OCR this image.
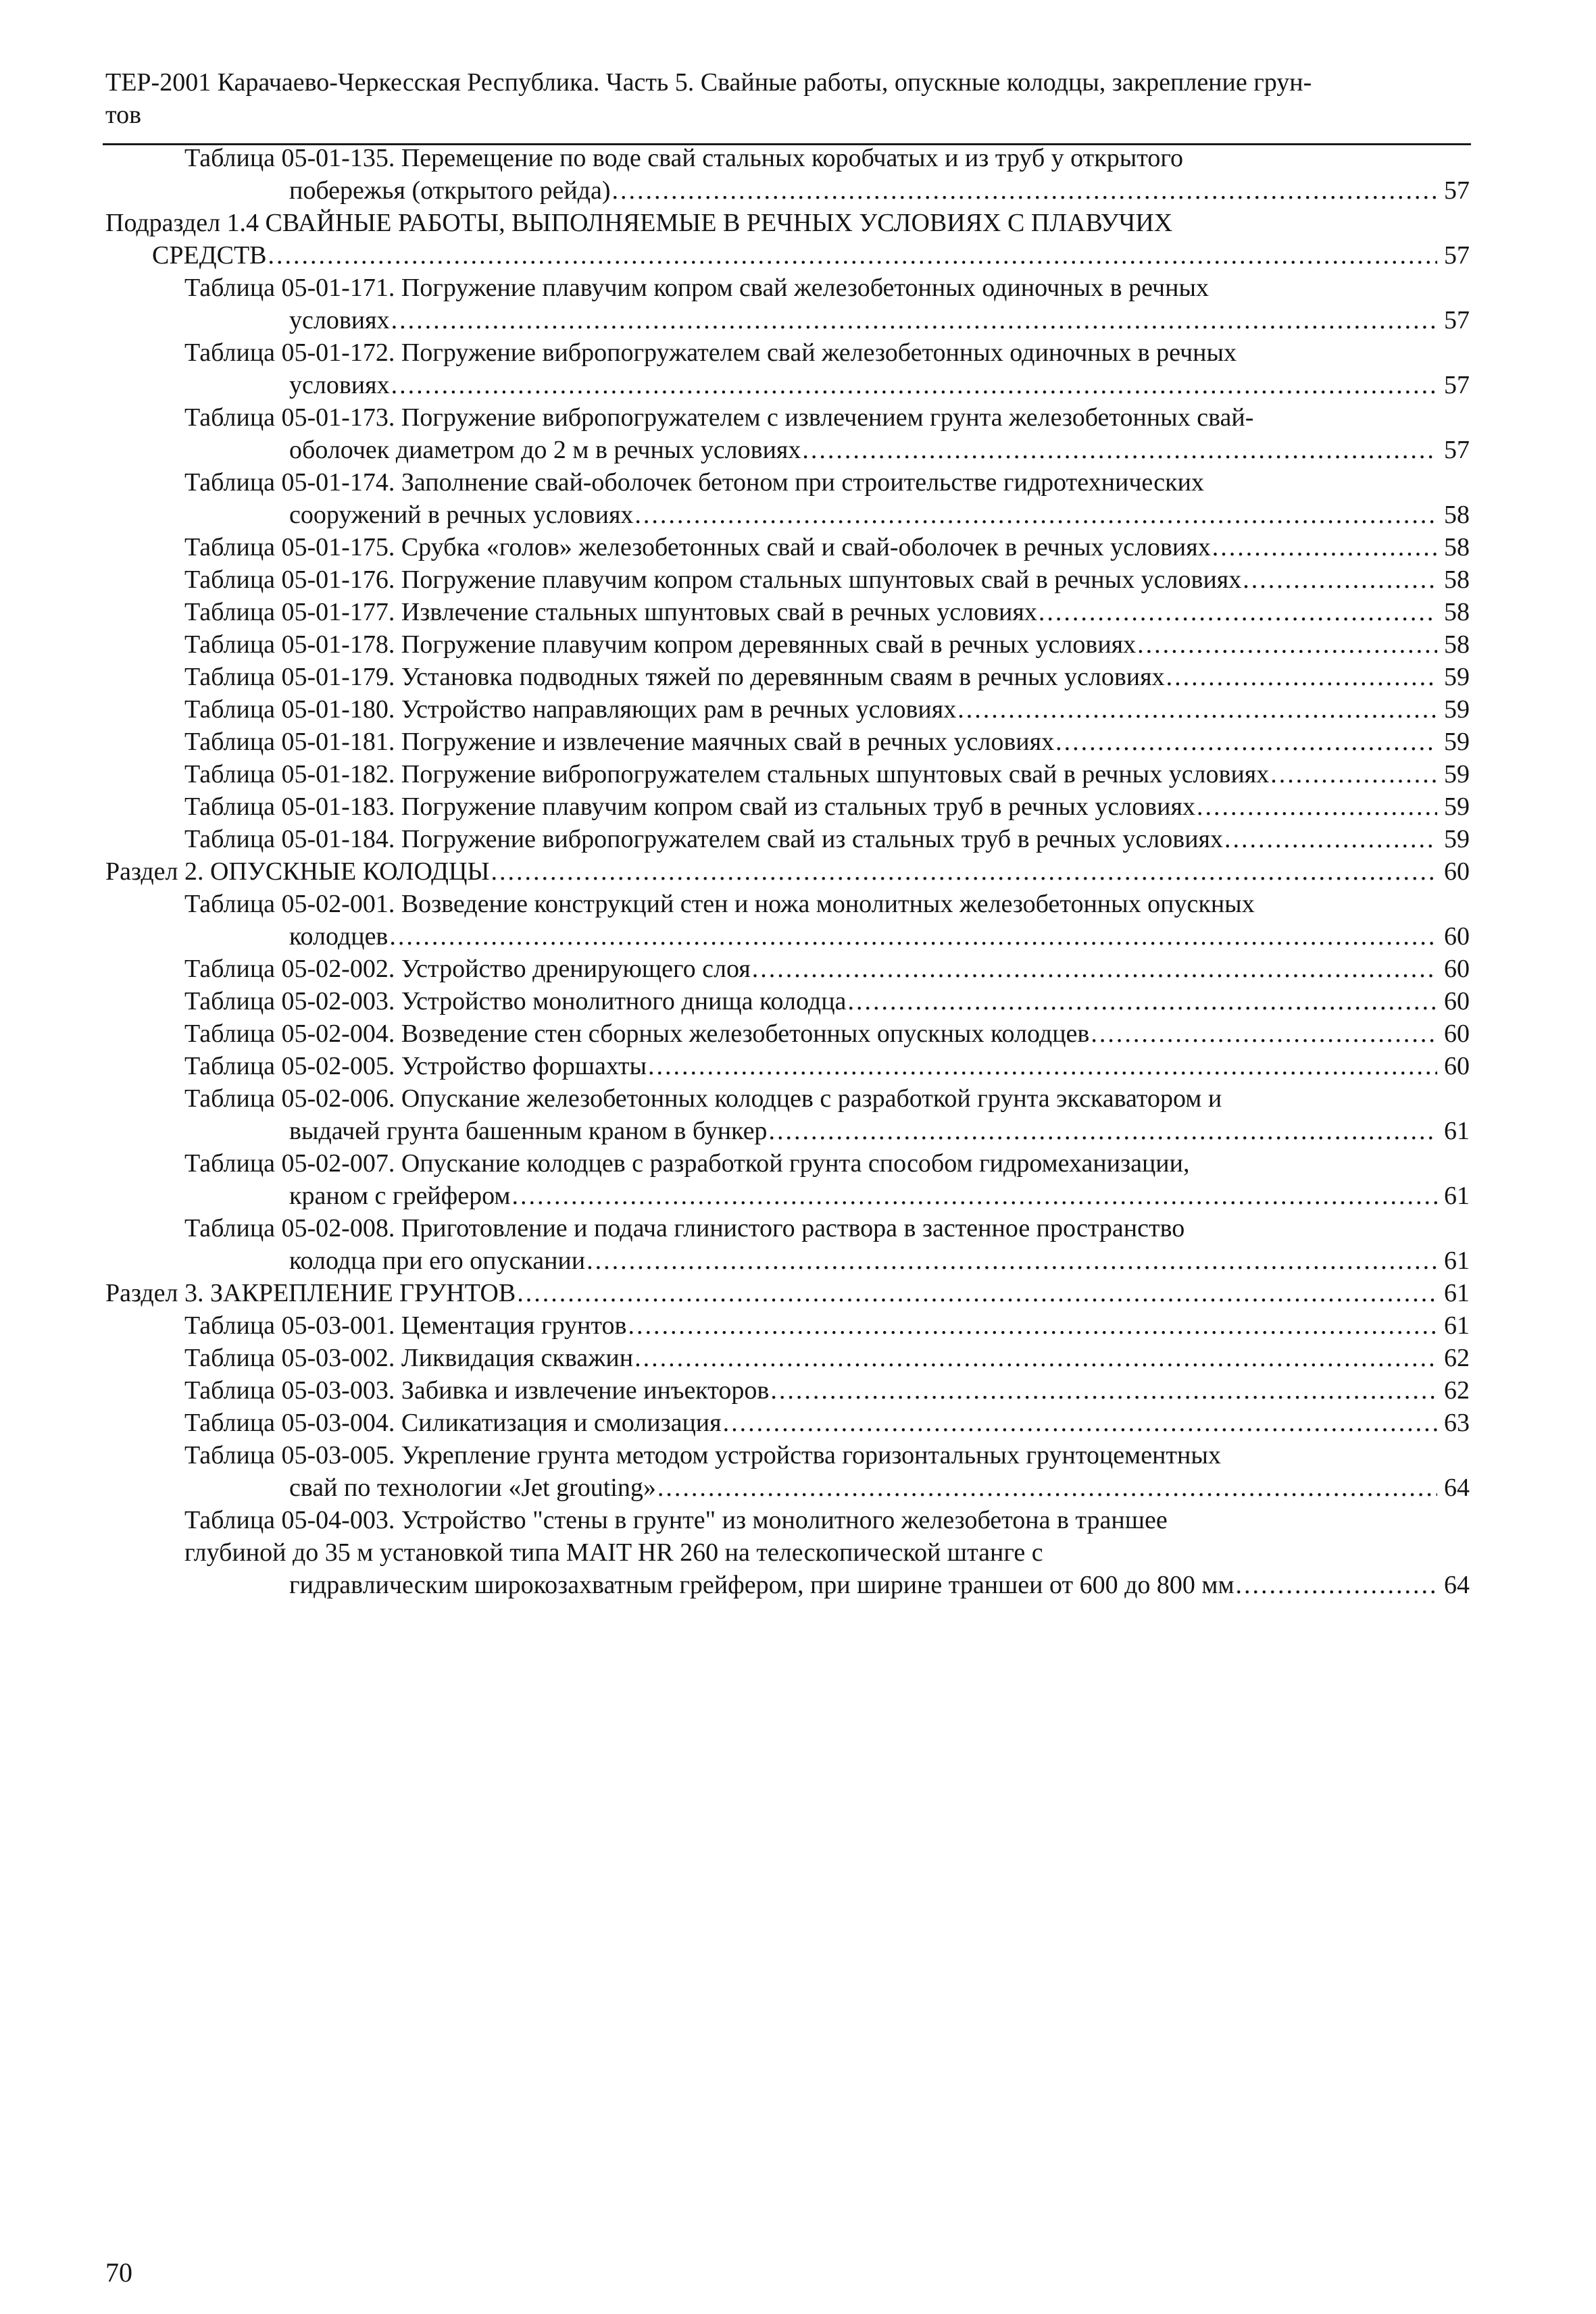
ТЕР-2001 Карачаево-Черкесская Республика. Часть 5. Свайные работы, опускные колодцы, закрепление грун-
тов
Таблица 05-01-135. Перемещение по воде свай стальных коробчатых и из труб у открытого
побережья (открытого рейда) .....	57
Подраздел 1.4 СВАЙНЫЕ РАБОТЫ, ВЫПОЛНЯЕМЫЕ В РЕЧНЫХ УСЛОВИЯХ С ПЛАВУЧИХ
СРЕДСТВ .....	57
Таблица 05-01-171. Погружение плавучим копром свай железобетонных одиночных в речных
условиях .....	57
Таблица 05-01-172. Погружение вибропогружателем свай железобетонных одиночных в речных
условиях .....	57
Таблица 05-01-173. Погружение вибропогружателем с извлечением грунта железобетонных свай-
оболочек диаметром до 2 м в речных условиях .....	57
Таблица 05-01-174. Заполнение свай-оболочек бетоном при строительстве гидротехнических
сооружений в речных условиях .....	58
Таблица 05-01-175. Срубка «голов» железобетонных свай и свай-оболочек в речных условиях .....	58
Таблица 05-01-176. Погружение плавучим копром стальных шпунтовых свай в речных условиях .....	58
Таблица 05-01-177. Извлечение стальных шпунтовых свай в речных условиях .....	58
Таблица 05-01-178. Погружение плавучим копром деревянных свай в речных условиях .....	58
Таблица 05-01-179. Установка подводных тяжей по деревянным сваям в речных условиях .....	59
Таблица 05-01-180. Устройство направляющих рам в речных условиях .....	59
Таблица 05-01-181. Погружение и извлечение маячных свай в речных условиях .....	59
Таблица 05-01-182. Погружение вибропогружателем стальных шпунтовых свай в речных условиях .....	59
Таблица 05-01-183. Погружение плавучим копром свай из стальных труб в речных условиях .....	59
Таблица 05-01-184. Погружение вибропогружателем свай из стальных труб в речных условиях .....	59
Раздел 2. ОПУСКНЫЕ КОЛОДЦЫ .....	60
Таблица 05-02-001. Возведение конструкций стен и ножа монолитных железобетонных опускных
колодцев .....	60
Таблица 05-02-002. Устройство дренирующего слоя .....	60
Таблица 05-02-003. Устройство монолитного днища колодца .....	60
Таблица 05-02-004. Возведение стен сборных железобетонных опускных колодцев .....	60
Таблица 05-02-005. Устройство форшахты .....	60
Таблица 05-02-006. Опускание железобетонных колодцев с разработкой грунта экскаватором и
выдачей грунта башенным краном в бункер .....	61
Таблица 05-02-007. Опускание колодцев с разработкой грунта способом гидромеханизации,
краном с грейфером .....	61
Таблица 05-02-008. Приготовление и подача глинистого раствора в застенное пространство
колодца при его опускании .....	61
Раздел 3. ЗАКРЕПЛЕНИЕ ГРУНТОВ .....	61
Таблица 05-03-001. Цементация грунтов .....	61
Таблица 05-03-002. Ликвидация скважин .....	62
Таблица 05-03-003. Забивка и извлечение инъекторов .....	62
Таблица 05-03-004. Силикатизация и смолизация .....	63
Таблица 05-03-005. Укрепление грунта методом устройства горизонтальных грунтоцементных
свай по технологии «Jet grouting» .....	64
Таблица 05-04-003. Устройство "стены в грунте" из монолитного железобетона в траншее
глубиной до 35 м установкой типа MAIT HR 260 на телескопической штанге с
гидравлическим широкозахватным грейфером, при ширине траншеи от 600 до 800 мм .....	64
70
